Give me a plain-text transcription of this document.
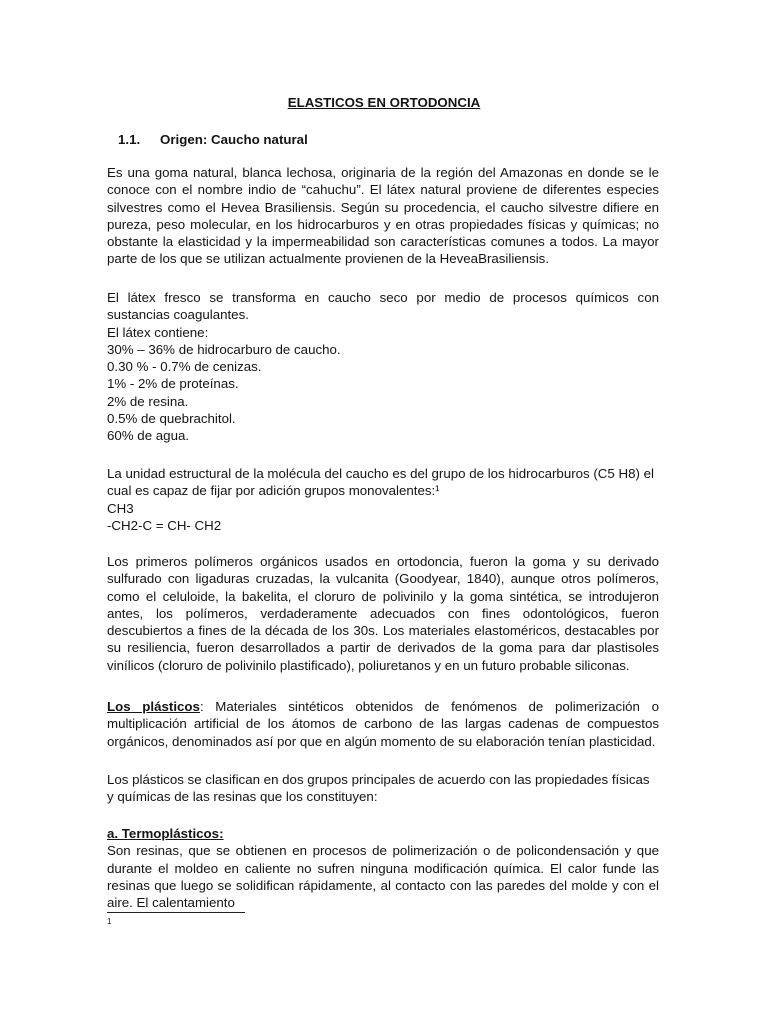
ELASTICOS EN ORTODONCIA
1.1. Origen: Caucho natural

Es una goma natural, blanca lechosa, originaria de la región del Amazonas en donde se le conoce con el nombre indio de “cahuchu”. El látex natural proviene de diferentes especies silvestres como el Hevea Brasiliensis. Según su procedencia, el caucho silvestre difiere en pureza, peso molecular, en los hidrocarburos y en otras propiedades físicas y químicas; no obstante la elasticidad y la impermeabilidad son características comunes a todos. La mayor parte de los que se utilizan actualmente provienen de la HeveaBrasiliensis.

El látex fresco se transforma en caucho seco por medio de procesos químicos con sustancias coagulantes.
El látex contiene:
30% – 36% de hidrocarburo de caucho.
0.30 % - 0.7% de cenizas.
1% - 2% de proteínas.
2% de resina.
0.5% de quebrachitol.
60% de agua.
La unidad estructural de la molécula del caucho es del grupo de los hidrocarburos (C5 H8) el cual es capaz de fijar por adición grupos monovalentes:¹
CH3
-CH2-C = CH- CH2

Los primeros polímeros orgánicos usados en ortodoncia, fueron la goma y su derivado sulfurado con ligaduras cruzadas, la vulcanita (Goodyear, 1840), aunque otros polímeros, como el celuloide, la bakelita, el cloruro de polivinilo y la goma sintética, se introdujeron antes, los polímeros, verdaderamente adecuados con fines odontológicos, fueron descubiertos a fines de la década de los 30s. Los materiales elastoméricos, destacables por su resiliencia, fueron desarrollados a partir de derivados de la goma para dar plastisoles vinílicos (cloruro de polivinilo plastificado), poliuretanos y en un futuro probable siliconas.

Los plásticos: Materiales sintéticos obtenidos de fenómenos de polimerización o multiplicación artificial de los átomos de carbono de las largas cadenas de compuestos orgánicos, denominados así por que en algún momento de su elaboración tenían plasticidad.

Los plásticos se clasifican en dos grupos principales de acuerdo con las propiedades físicas y químicas de las resinas que los constituyen:

a. Termoplásticos:
Son resinas, que se obtienen en procesos de polimerización o de policondensación y que durante el moldeo en caliente no sufren ninguna modificación química. El calor funde las resinas que luego se solidifican rápidamente, al contacto con las paredes del molde y con el aire. El calentamiento
1
